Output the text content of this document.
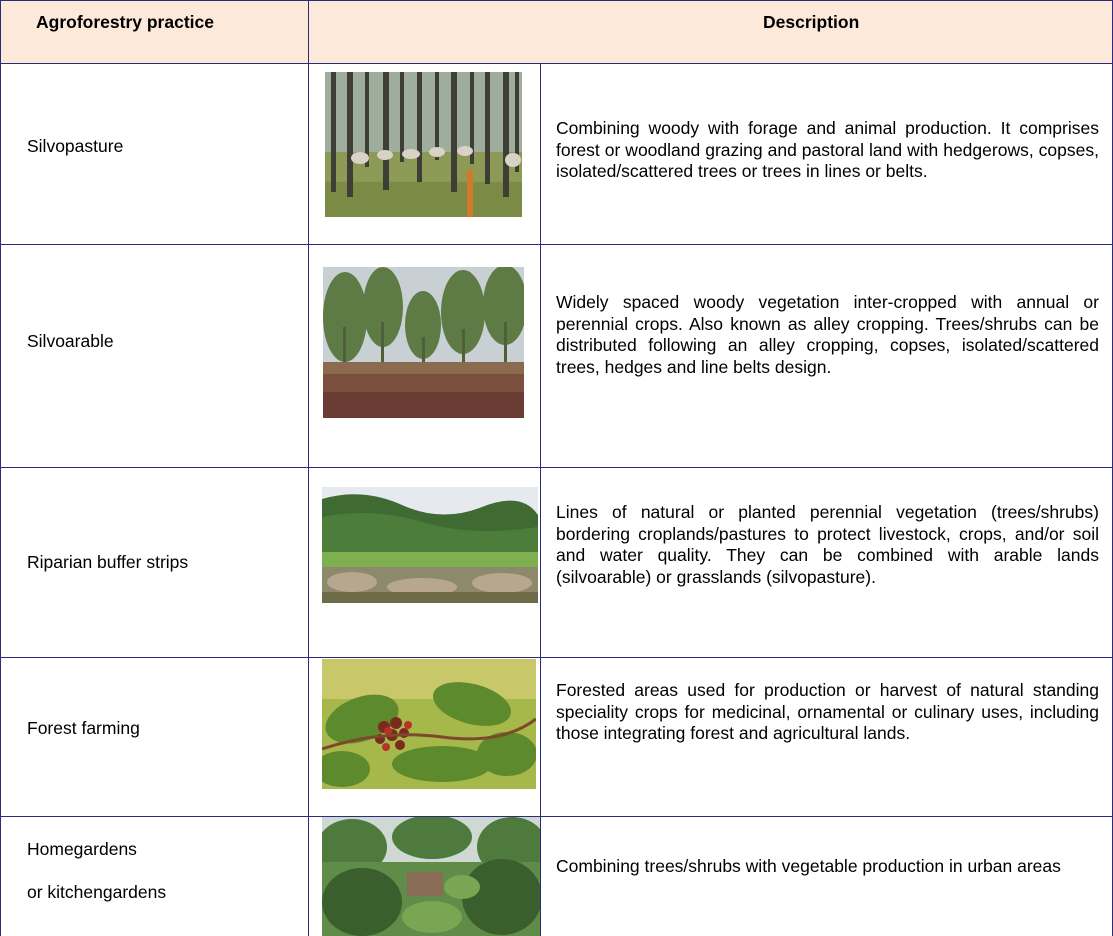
Agroforestry practice	Description
Silvopasture
Combining woody with forage and animal production. It comprises forest or woodland grazing and pastoral land with hedgerows, copses, isolated/scattered trees or trees in lines or belts.
Silvoarable
Widely spaced woody vegetation inter-cropped with annual or perennial crops. Also known as alley cropping. Trees/shrubs can be distributed following an alley cropping, copses, isolated/scattered trees, hedges and line belts design.
Riparian buffer strips
Lines of natural or planted perennial vegetation (trees/shrubs) bordering croplands/pastures to protect livestock, crops, and/or soil and water quality. They can be combined with arable lands (silvoarable) or grasslands (silvopasture).
Forest farming
Forested areas used for production or harvest of natural standing speciality crops for medicinal, ornamental or culinary uses, including those integrating forest and agricultural lands.
Homegardens
or kitchengardens
Combining trees/shrubs with vegetable production in urban areas
